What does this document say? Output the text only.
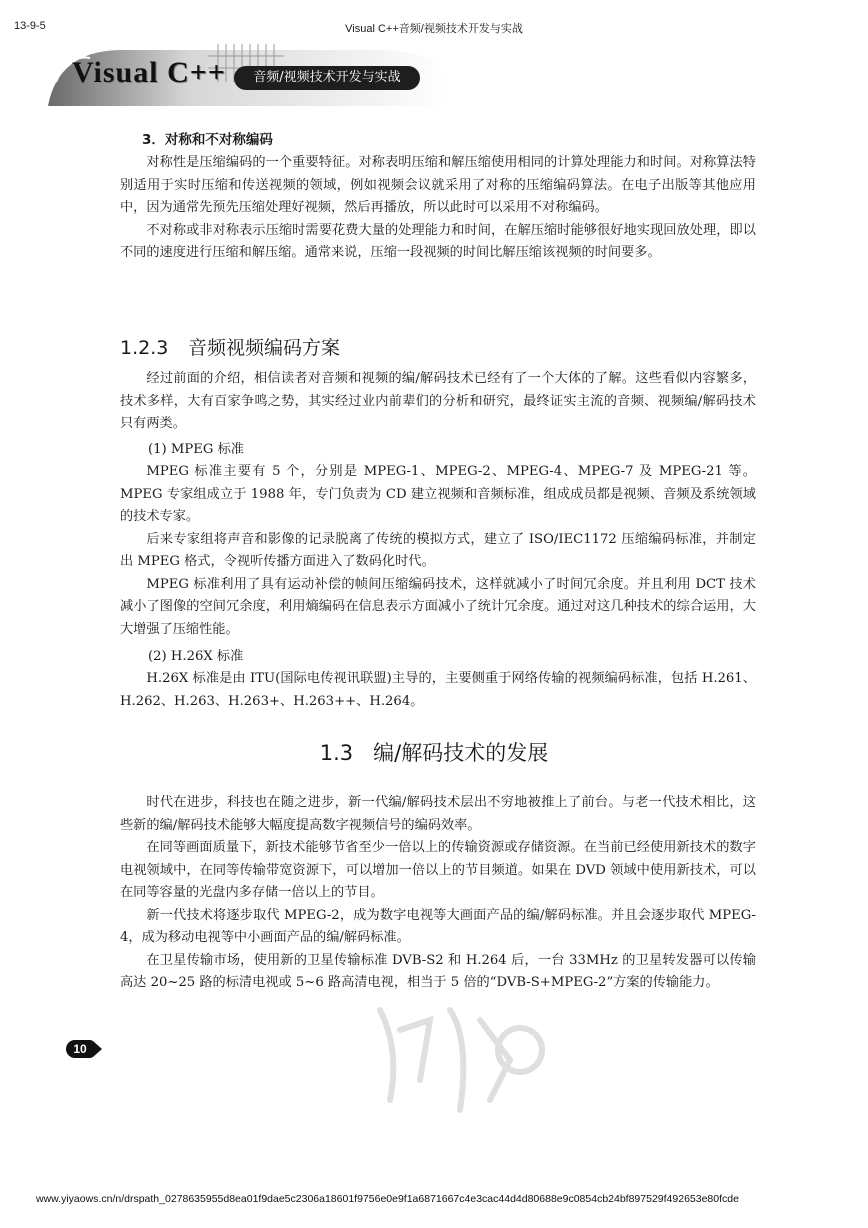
13-9-5	Visual C++音频/视频技术开发与实战
Visual C++	音频/视频技术开发与实战
3．对称和不对称编码

对称性是压缩编码的一个重要特征。对称表明压缩和解压缩使用相同的计算处理能力和时间。对称算法特别适用于实时压缩和传送视频的领域，例如视频会议就采用了对称的压缩编码算法。在电子出版等其他应用中，因为通常先预先压缩处理好视频，然后再播放，所以此时可以采用不对称编码。

不对称或非对称表示压缩时需要花费大量的处理能力和时间，在解压缩时能够很好地实现回放处理，即以不同的速度进行压缩和解压缩。通常来说，压缩一段视频的时间比解压缩该视频的时间要多。

1.2.3 音频视频编码方案

经过前面的介绍，相信读者对音频和视频的编/解码技术已经有了一个大体的了解。这些看似内容繁多，技术多样，大有百家争鸣之势，其实经过业内前辈们的分析和研究，最终证实主流的音频、视频编/解码技术只有两类。

(1) MPEG 标准

MPEG 标准主要有 5 个，分别是 MPEG-1、MPEG-2、MPEG-4、MPEG-7 及 MPEG-21 等。MPEG 专家组成立于 1988 年，专门负责为 CD 建立视频和音频标准，组成成员都是视频、音频及系统领域的技术专家。

后来专家组将声音和影像的记录脱离了传统的模拟方式，建立了 ISO/IEC1172 压缩编码标准，并制定出 MPEG 格式，令视听传播方面进入了数码化时代。

MPEG 标准利用了具有运动补偿的帧间压缩编码技术，这样就减小了时间冗余度。并且利用 DCT 技术减小了图像的空间冗余度，利用熵编码在信息表示方面减小了统计冗余度。通过对这几种技术的综合运用，大大增强了压缩性能。

(2) H.26X 标准

H.26X 标准是由 ITU(国际电传视讯联盟)主导的，主要侧重于网络传输的视频编码标准，包括 H.261、H.262、H.263、H.263+、H.263++、H.264。

1.3 编/解码技术的发展

时代在进步，科技也在随之进步，新一代编/解码技术层出不穷地被推上了前台。与老一代技术相比，这些新的编/解码技术能够大幅度提高数字视频信号的编码效率。

在同等画面质量下，新技术能够节省至少一倍以上的传输资源或存储资源。在当前已经使用新技术的数字电视领域中，在同等传输带宽资源下，可以增加一倍以上的节目频道。如果在 DVD 领域中使用新技术，可以在同等容量的光盘内多存储一倍以上的节目。

新一代技术将逐步取代 MPEG-2，成为数字电视等大画面产品的编/解码标准。并且会逐步取代 MPEG-4，成为移动电视等中小画面产品的编/解码标准。

在卫星传输市场，使用新的卫星传输标准 DVB-S2 和 H.264 后，一台 33MHz 的卫星转发器可以传输高达 20~25 路的标清电视或 5~6 路高清电视，相当于 5 倍的“DVB-S+MPEG-2”方案的传输能力。

10
www.yiyaows.cn/n/drspath_0278635955d8ea01f9dae5c2306a18601f9756e0e9f1a6871667c4e3cac44d4d80688e9c0854cb24bf897529f492653e80fcde
